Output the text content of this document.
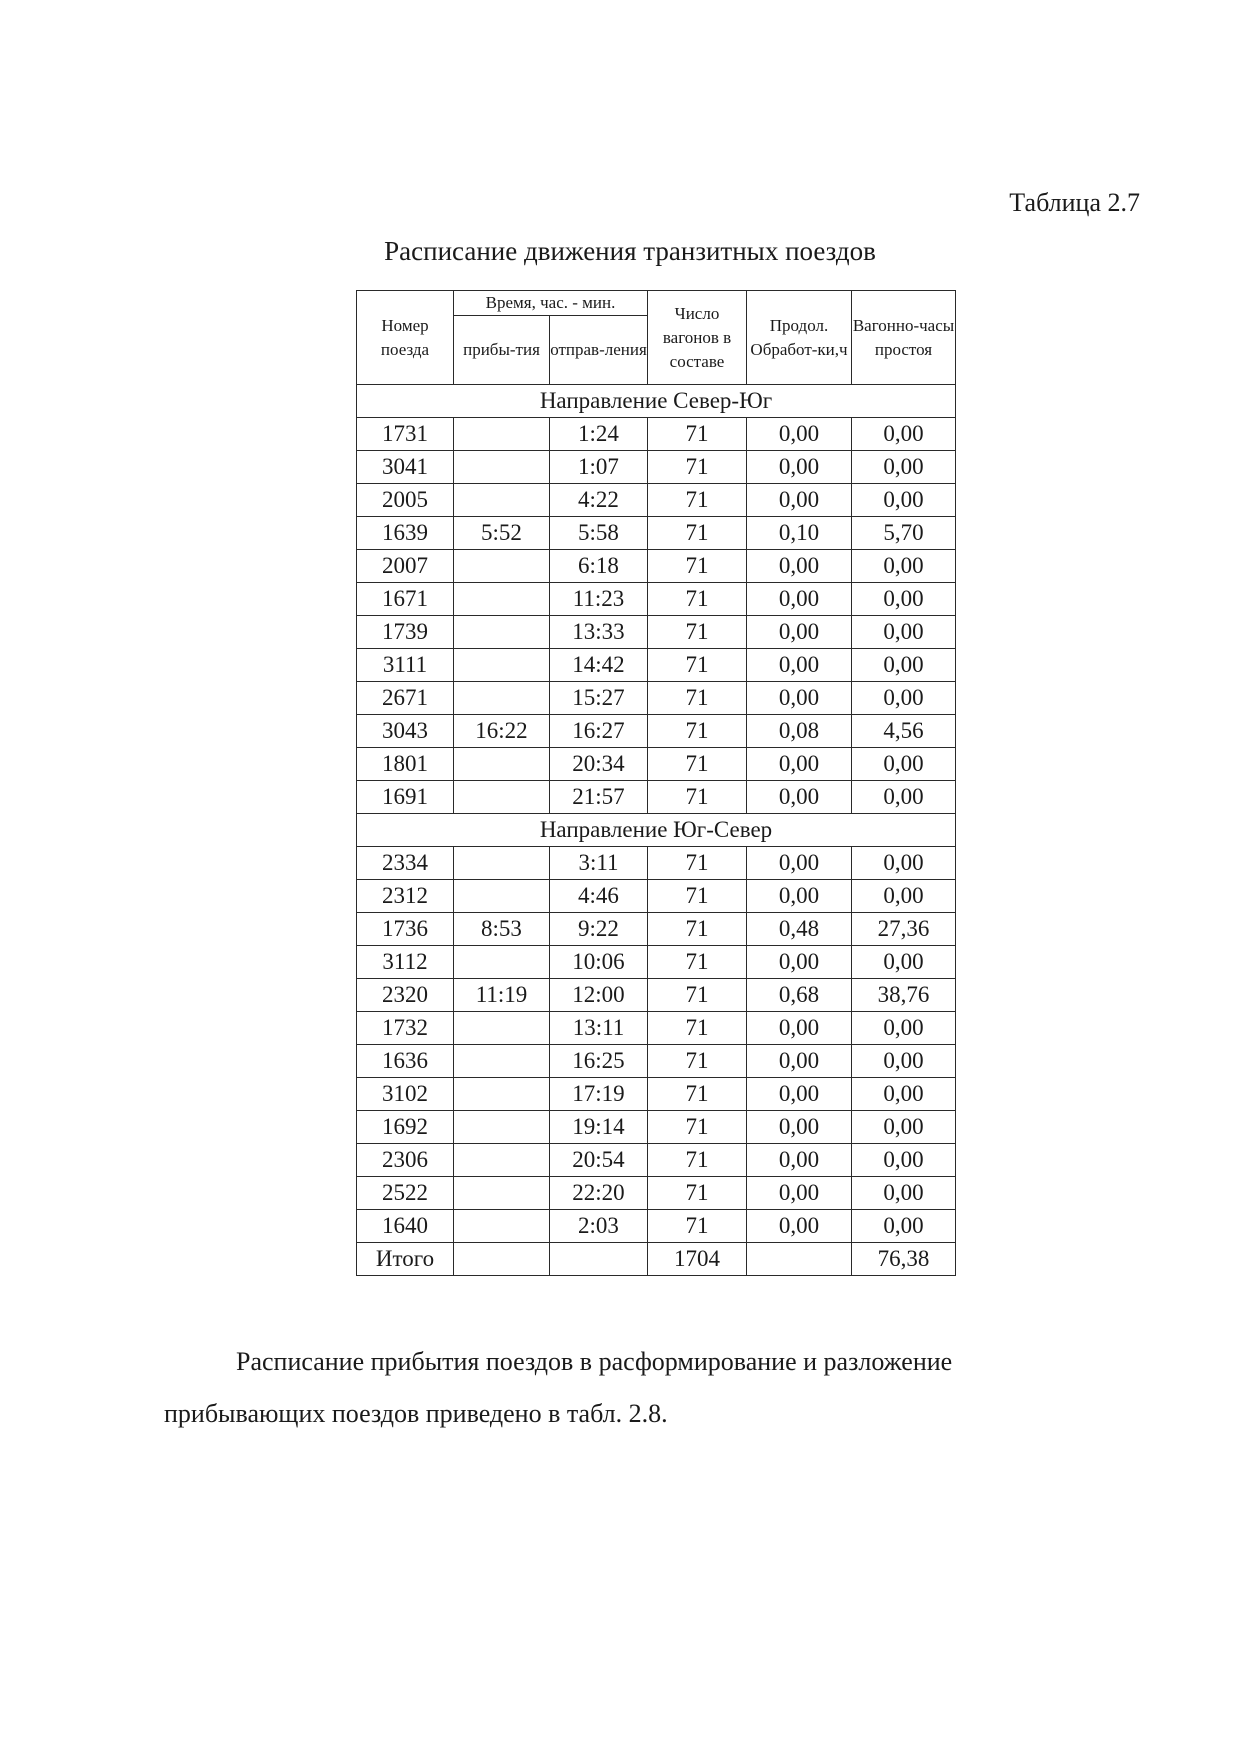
Таблица 2.7
Расписание движения транзитных поездов
Номер поезда	Время, час. - мин.		Число вагонов в составе	Продол. Обработ-ки,ч	Вагонно-часы простоя
	прибы-тия	отправ-ления			
Направление Север-Юг					
1731		1:24	71	0,00	0,00
3041		1:07	71	0,00	0,00
2005		4:22	71	0,00	0,00
1639	5:52	5:58	71	0,10	5,70
2007		6:18	71	0,00	0,00
1671		11:23	71	0,00	0,00
1739		13:33	71	0,00	0,00
3111		14:42	71	0,00	0,00
2671		15:27	71	0,00	0,00
3043	16:22	16:27	71	0,08	4,56
1801		20:34	71	0,00	0,00
1691		21:57	71	0,00	0,00
Направление Юг-Север					
2334		3:11	71	0,00	0,00
2312		4:46	71	0,00	0,00
1736	8:53	9:22	71	0,48	27,36
3112		10:06	71	0,00	0,00
2320	11:19	12:00	71	0,68	38,76
1732		13:11	71	0,00	0,00
1636		16:25	71	0,00	0,00
3102		17:19	71	0,00	0,00
1692		19:14	71	0,00	0,00
2306		20:54	71	0,00	0,00
2522		22:20	71	0,00	0,00
1640		2:03	71	0,00	0,00
Итого			1704		76,38

Расписание прибытия поездов в расформирование и разложение

прибывающих поездов приведено в табл. 2.8.
